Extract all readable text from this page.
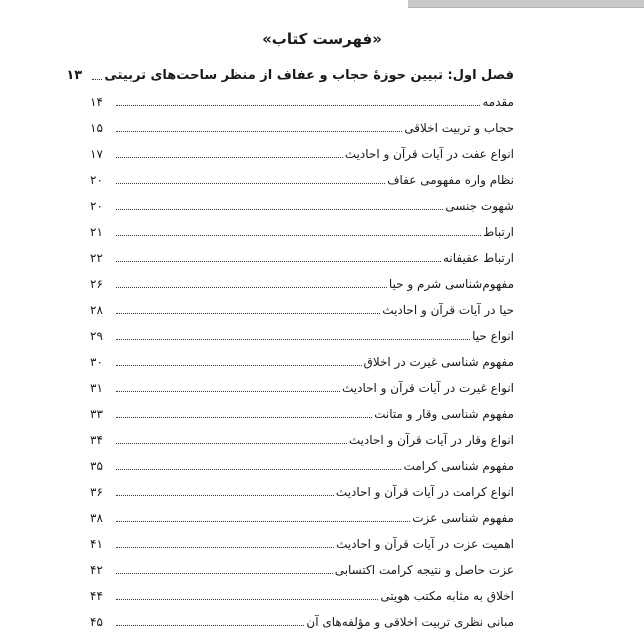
«فهرست کتاب»
فصل اول: تبیین حوزۀ حجاب و عفاف از منظر ساحت‌های تربیتی
۱۳
مقدمه
۱۴
حجاب و تربیت اخلاقی
۱۵
انواع عفت در آیات قرآن و احادیث
۱۷
نظام واره مفهومی عفاف
۲۰
شهوت جنسی
۲۰
ارتباط
۲۱
ارتباط عفیفانه
۲۲
مفهوم‌شناسی شرم و حیا
۲۶
حیا در آیات قرآن و احادیث
۲۸
انواع حیا
۲۹
مفهوم شناسی غیرت در اخلاق
۳۰
انواع غیرت در آیات قرآن و احادیث
۳۱
مفهوم شناسی وقار و متانت
۳۳
انواع وقار در آیات قرآن و احادیث
۳۴
مفهوم شناسی کرامت
۳۵
انواع کرامت در آیات قرآن و احادیث
۳۶
مفهوم شناسی عزت
۳۸
اهمیت عزت در آیات قرآن و احادیث
۴۱
عزت حاصل و نتیجه کرامت اکتسابی
۴۲
اخلاق به مثابه مکتب هویتی
۴۴
مبانی نظری تربیت اخلاقی و مؤلفه‌های آن
۴۵
